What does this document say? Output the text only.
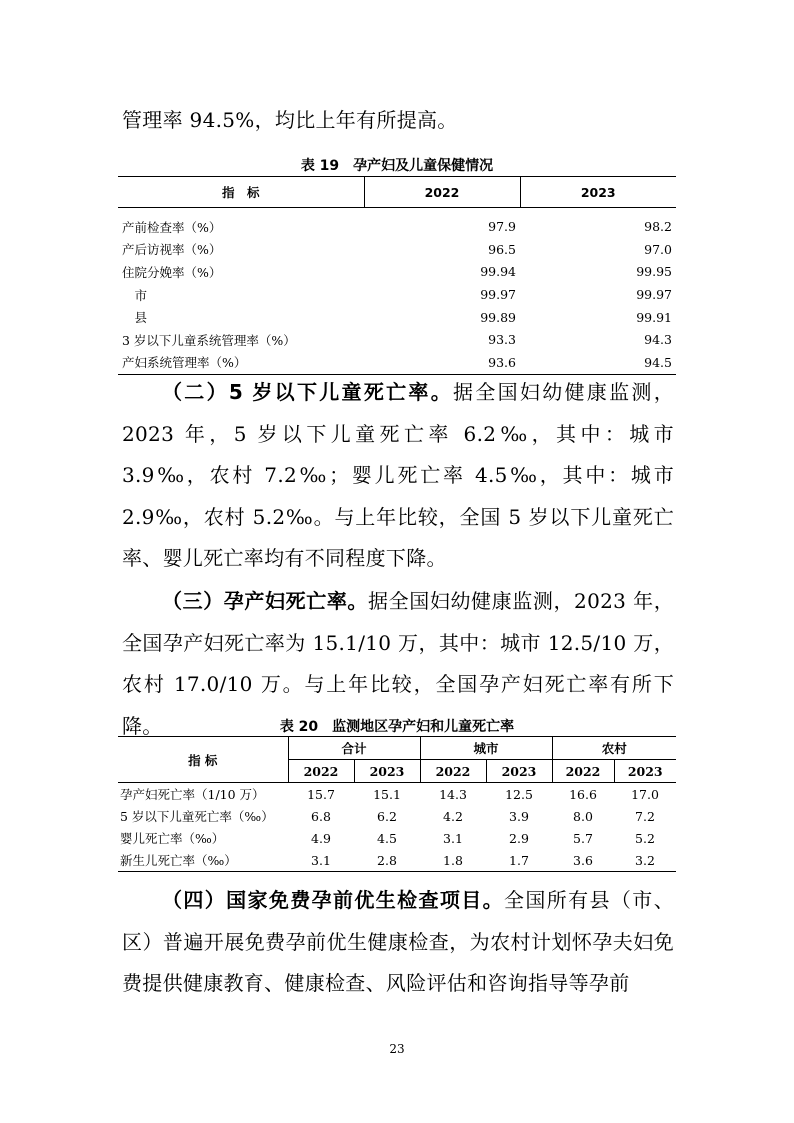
管理率 94.5%，均比上年有所提高。

表 19　孕产妇及儿童保健情况
指　标	2022	2023

产前检查率（%）	97.9	98.2
产后访视率（%）	96.5	97.0
住院分娩率（%）	99.94	99.95
　市	99.97	99.97
　县	99.89	99.91
3 岁以下儿童系统管理率（%）	93.3	94.3
产妇系统管理率（%）	93.6	94.5

（二）5 岁以下儿童死亡率。据全国妇幼健康监测，2023 年，5 岁以下儿童死亡率 6.2‰，其中：城市 3.9‰，农村 7.2‰；婴儿死亡率 4.5‰，其中：城市 2.9‰，农村 5.2‰。与上年比较，全国 5 岁以下儿童死亡率、婴儿死亡率均有不同程度下降。

（三）孕产妇死亡率。据全国妇幼健康监测，2023 年，全国孕产妇死亡率为 15.1/10 万，其中：城市 12.5/10 万，农村 17.0/10 万。与上年比较，全国孕产妇死亡率有所下降。	表 20　监测地区孕产妇和儿童死亡率
指 标	合计		城市		农村	
	2022	2023	2022	2023	2022	2023
孕产妇死亡率（1/10 万）	15.7	15.1	14.3	12.5	16.6	17.0
5 岁以下儿童死亡率（‰）	6.8	6.2	4.2	3.9	8.0	7.2
婴儿死亡率（‰）	4.9	4.5	3.1	2.9	5.7	5.2
新生儿死亡率（‰）	3.1	2.8	1.8	1.7	3.6	3.2

（四）国家免费孕前优生检查项目。全国所有县（市、区）普遍开展免费孕前优生健康检查，为农村计划怀孕夫妇免费提供健康教育、健康检查、风险评估和咨询指导等孕前

23
